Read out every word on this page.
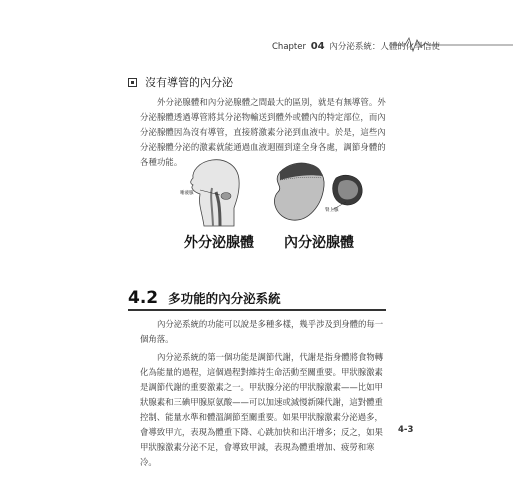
Chapter 04 內分泌系統：人體的化學信使
沒有導管的內分泌
外分泌腺體和內分泌腺體之間最大的區別，就是有無導管。外分泌腺體透過導管將其分泌物輸送到體外或體內的特定部位，而內分泌腺體因為沒有導管，直接將激素分泌到血液中。於是，這些內分泌腺體分泌的激素就能通過血液迴圈到達全身各處，調節身體的各種功能。
唾液腺
腎上腺
外分泌腺體 內分泌腺體
4.2 多功能的內分泌系統
內分泌系統的功能可以說是多種多樣，幾乎涉及到身體的每一個角落。
內分泌系統的第一個功能是調節代謝，代謝是指身體將食物轉化為能量的過程，這個過程對維持生命活動至關重要。甲狀腺激素是調節代謝的重要激素之一。甲狀腺分泌的甲狀腺激素——比如甲狀腺素和三碘甲腺原氨酸——可以加速或減慢新陳代謝，這對體重控制、能量水準和體溫調節至關重要。如果甲狀腺激素分泌過多，會導致甲亢，表現為體重下降、心跳加快和出汗增多；反之，如果甲狀腺激素分泌不足，會導致甲減，表現為體重增加、疲勞和寒冷。
4-3
